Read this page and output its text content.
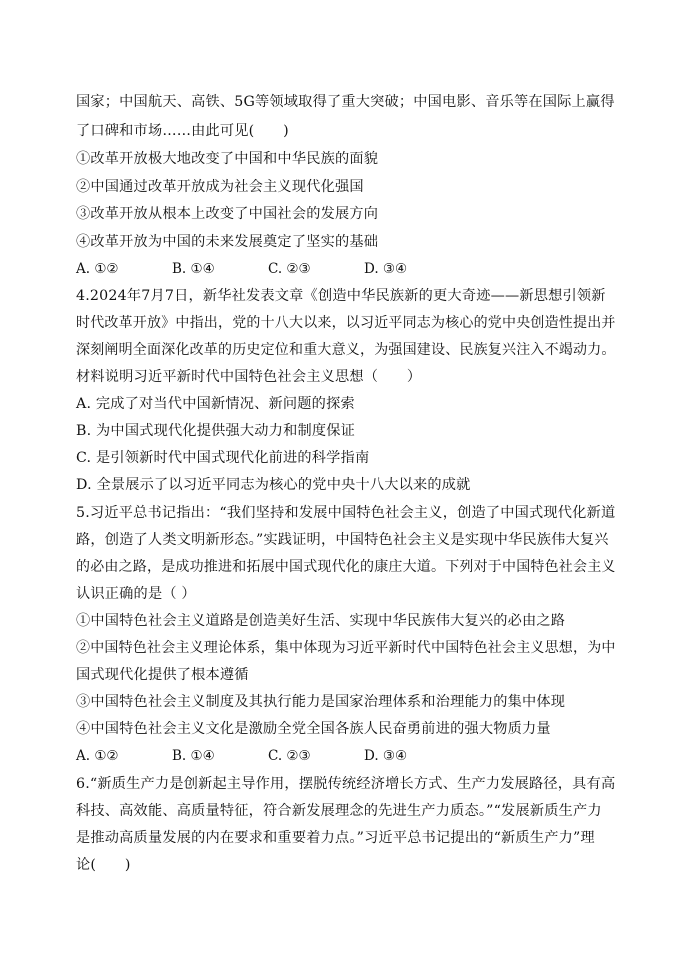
国家；中国航天、高铁、5G等领域取得了重大突破；中国电影、音乐等在国际上赢得
了口碑和市场……由此可见(　　)
①改革开放极大地改变了中国和中华民族的面貌
②中国通过改革开放成为社会主义现代化强国
③改革开放从根本上改变了中国社会的发展方向
④改革开放为中国的未来发展奠定了坚实的基础
A. ①②	B. ①④	C. ②③	D. ③④
4.2024年7月7日，新华社发表文章《创造中华民族新的更大奇迹——新思想引领新
时代改革开放》中指出，党的十八大以来，以习近平同志为核心的党中央创造性提出并
深刻阐明全面深化改革的历史定位和重大意义，为强国建设、民族复兴注入不竭动力。
材料说明习近平新时代中国特色社会主义思想（　　）
A. 完成了对当代中国新情况、新问题的探索
B. 为中国式现代化提供强大动力和制度保证
C. 是引领新时代中国式现代化前进的科学指南
D. 全景展示了以习近平同志为核心的党中央十八大以来的成就
5.习近平总书记指出：“我们坚持和发展中国特色社会主义，创造了中国式现代化新道
路，创造了人类文明新形态。”实践证明，中国特色社会主义是实现中华民族伟大复兴
的必由之路，是成功推进和拓展中国式现代化的康庄大道。下列对于中国特色社会主义
认识正确的是（ ）
①中国特色社会主义道路是创造美好生活、实现中华民族伟大复兴的必由之路
②中国特色社会主义理论体系，集中体现为习近平新时代中国特色社会主义思想，为中
国式现代化提供了根本遵循
③中国特色社会主义制度及其执行能力是国家治理体系和治理能力的集中体现
④中国特色社会主义文化是激励全党全国各族人民奋勇前进的强大物质力量
A. ①②	B. ①④	C. ②③	D. ③④
6.“新质生产力是创新起主导作用，摆脱传统经济增长方式、生产力发展路径，具有高
科技、高效能、高质量特征，符合新发展理念的先进生产力质态。”“发展新质生产力
是推动高质量发展的内在要求和重要着力点。”习近平总书记提出的“新质生产力”理
论(　　)
